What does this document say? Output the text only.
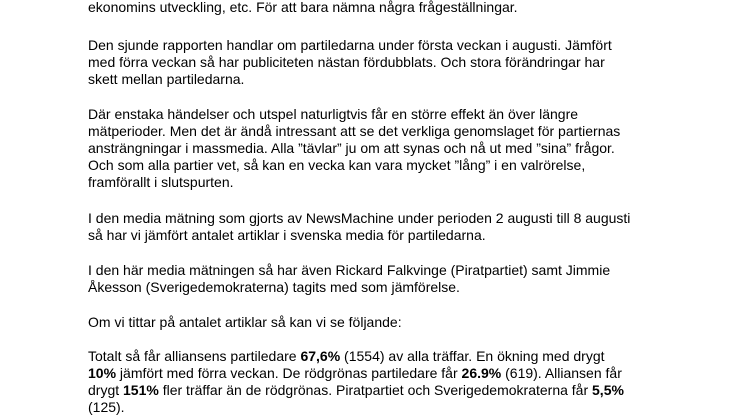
ekonomins utveckling, etc. För att bara nämna några frågeställningar.

Den sjunde rapporten handlar om partiledarna under första veckan i augusti. Jämfört
med förra veckan så har publiciteten nästan fördubblats. Och stora förändringar har
skett mellan partiledarna.

Där enstaka händelser och utspel naturligtvis får en större effekt än över längre
mätperioder. Men det är ändå intressant att se det verkliga genomslaget för partiernas
ansträngningar i massmedia. Alla ”tävlar” ju om att synas och nå ut med ”sina” frågor.
Och som alla partier vet, så kan en vecka kan vara mycket ”lång” i en valrörelse,
framförallt i slutspurten.

I den media mätning som gjorts av NewsMachine under perioden 2 augusti till 8 augusti
så har vi jämfört antalet artiklar i svenska media för partiledarna.

I den här media mätningen så har även Rickard Falkvinge (Piratpartiet) samt Jimmie
Åkesson (Sverigedemokraterna) tagits med som jämförelse.

Om vi tittar på antalet artiklar så kan vi se följande:

Totalt så får alliansens partiledare 67,6% (1554) av alla träffar. En ökning med drygt
10% jämfört med förra veckan. De rödgrönas partiledare får 26.9% (619). Alliansen får
drygt 151% fler träffar än de rödgrönas. Piratpartiet och Sverigedemokraterna får 5,5%
(125).
